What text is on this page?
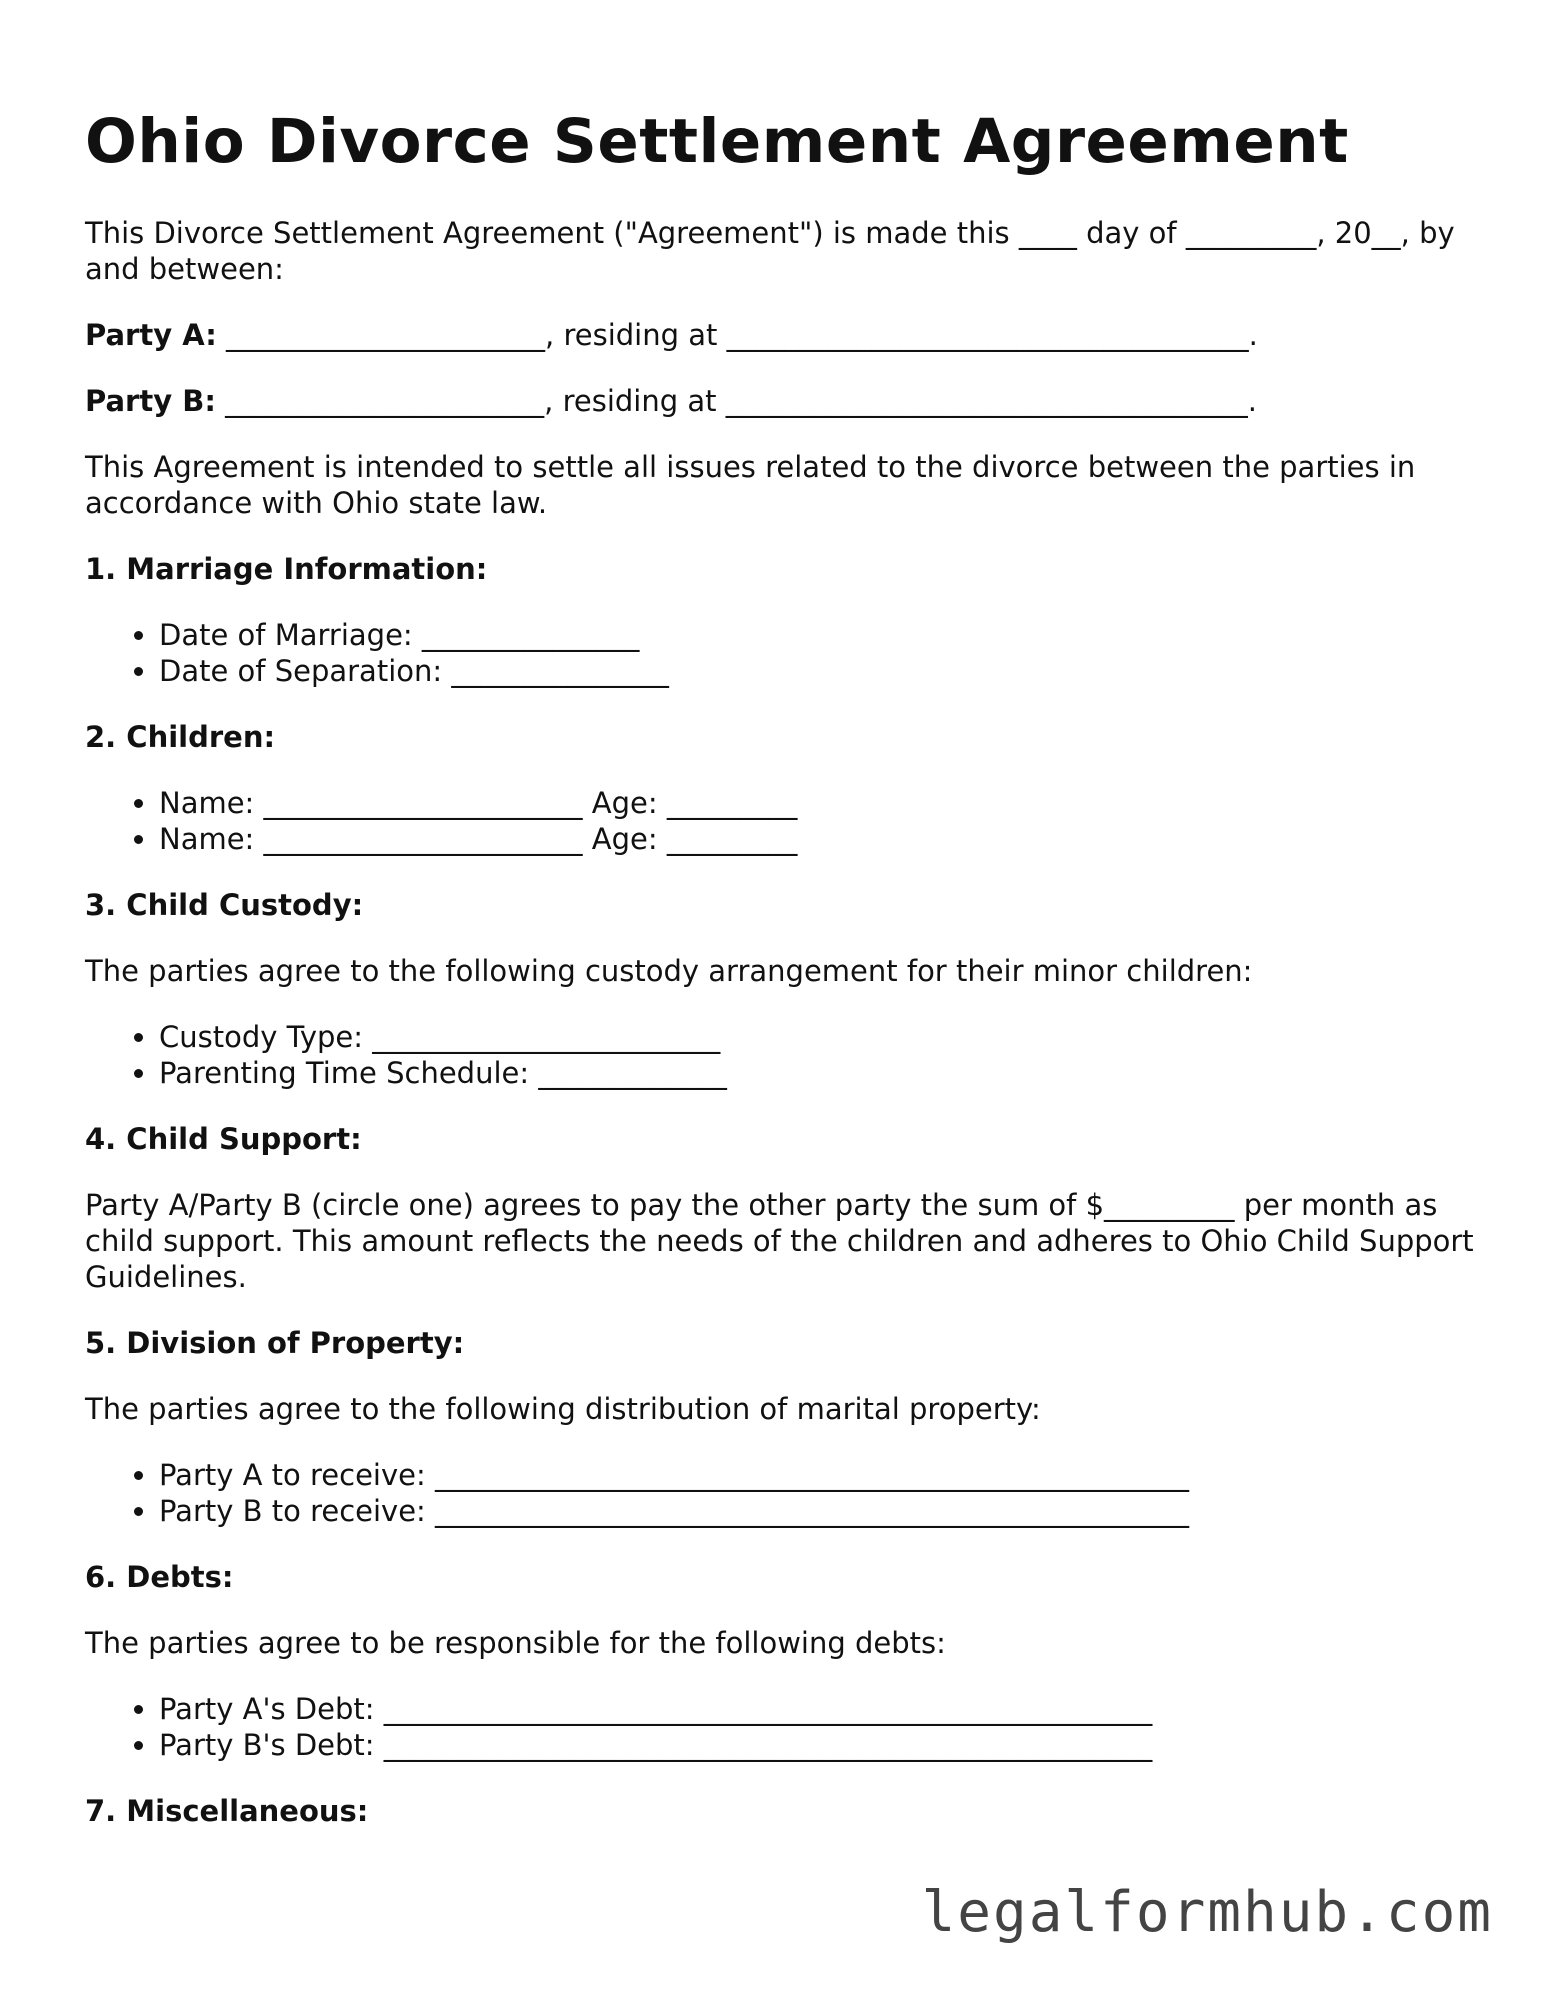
Ohio Divorce Settlement Agreement

This Divorce Settlement Agreement ("Agreement") is made this ____ day of _________, 20__, by and between:

Party A: ______________________, residing at ____________________________________.

Party B: ______________________, residing at ____________________________________.

This Agreement is intended to settle all issues related to the divorce between the parties in accordance with Ohio state law.

1. Marriage Information:
• Date of Marriage: _______________
• Date of Separation: _______________
2. Children:
• Name: ______________________ Age: _________
• Name: ______________________ Age: _________
3. Child Custody:

The parties agree to the following custody arrangement for their minor children:

• Custody Type: ________________________
• Parenting Time Schedule: _____________
4. Child Support:

Party A/Party B (circle one) agrees to pay the other party the sum of $_________ per month as child support. This amount reflects the needs of the children and adheres to Ohio Child Support Guidelines.

5. Division of Property:

The parties agree to the following distribution of marital property:

• Party A to receive: ____________________________________________________
• Party B to receive: ____________________________________________________
6. Debts:

The parties agree to be responsible for the following debts:

• Party A's Debt: _____________________________________________________
• Party B's Debt: _____________________________________________________
7. Miscellaneous:
legalformhub.com
